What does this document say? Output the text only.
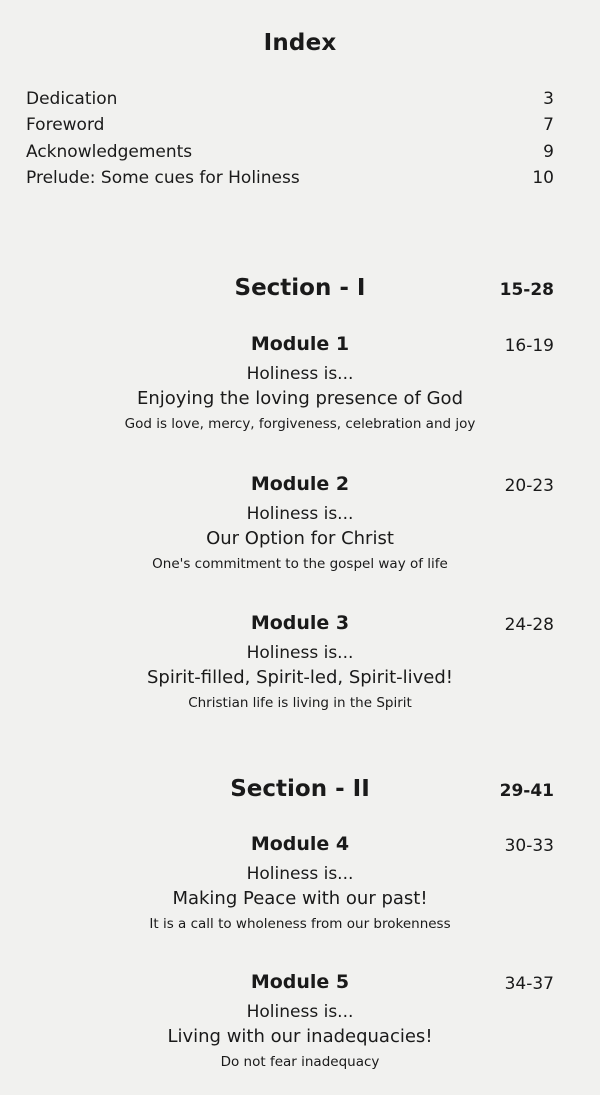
Index
Dedication	3
Foreword	7
Acknowledgements	9
Prelude: Some cues for Holiness	10
Section - I	15-28
Module 1	16-19
Holiness is...
Enjoying the loving presence of God
God is love, mercy, forgiveness, celebration and joy
Module 2	20-23
Holiness is...
Our Option for Christ
One's commitment to the gospel way of life
Module 3	24-28
Holiness is...
Spirit-filled, Spirit-led, Spirit-lived!
Christian life is living in the Spirit
Section - II	29-41
Module 4	30-33
Holiness is...
Making Peace with our past!
It is a call to wholeness from our brokenness
Module 5	34-37
Holiness is...
Living with our inadequacies!
Do not fear inadequacy
